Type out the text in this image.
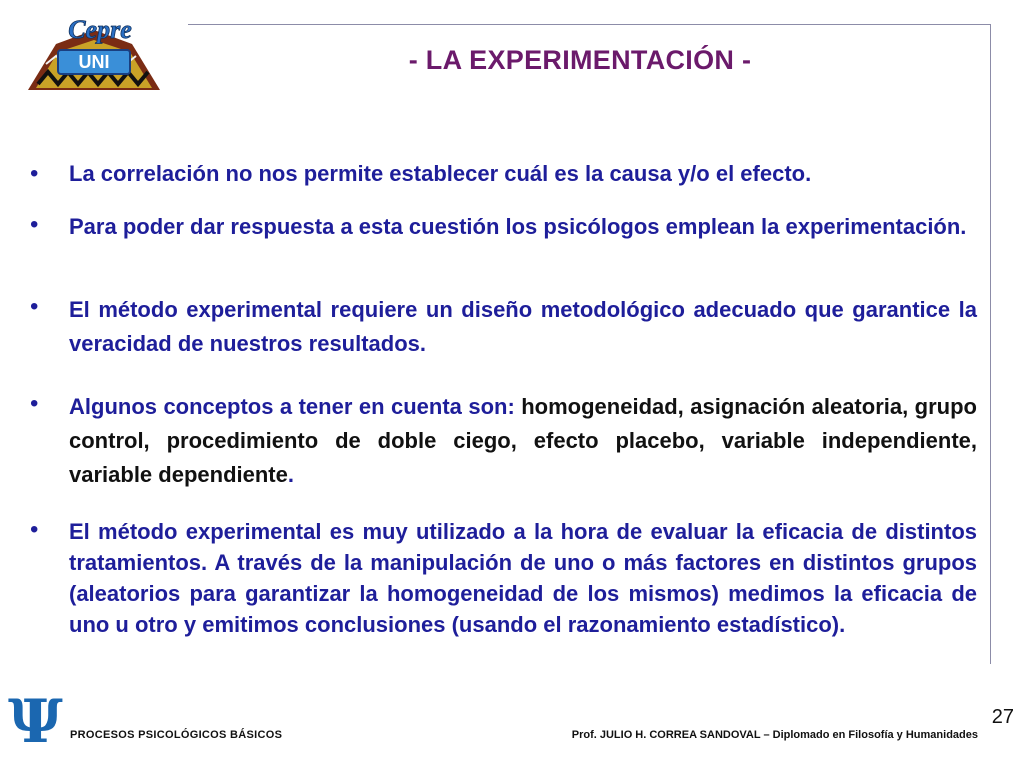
UNI
Cepre
- LA EXPERIMENTACIÓN -
• La correlación no nos permite establecer cuál es la causa y/o el efecto.
• Para poder dar respuesta a esta cuestión los psicólogos emplean la experimentación.
• El método experimental requiere un diseño metodológico adecuado que garantice la veracidad de nuestros resultados.
• Algunos conceptos a tener en cuenta son: homogeneidad, asignación aleatoria, grupo control, procedimiento de doble ciego, efecto placebo, variable independiente, variable dependiente.
• El método experimental es muy utilizado a la hora de evaluar la eficacia de distintos tratamientos. A través de la manipulación de uno o más factores en distintos grupos (aleatorios para garantizar la homogeneidad de los mismos) medimos la eficacia de uno u otro y emitimos conclusiones (usando el razonamiento estadístico).
Ψ PROCESOS PSICOLÓGICOS BÁSICOS	Prof. JULIO H. CORREA SANDOVAL – Diplomado en Filosofía y Humanidades
27
